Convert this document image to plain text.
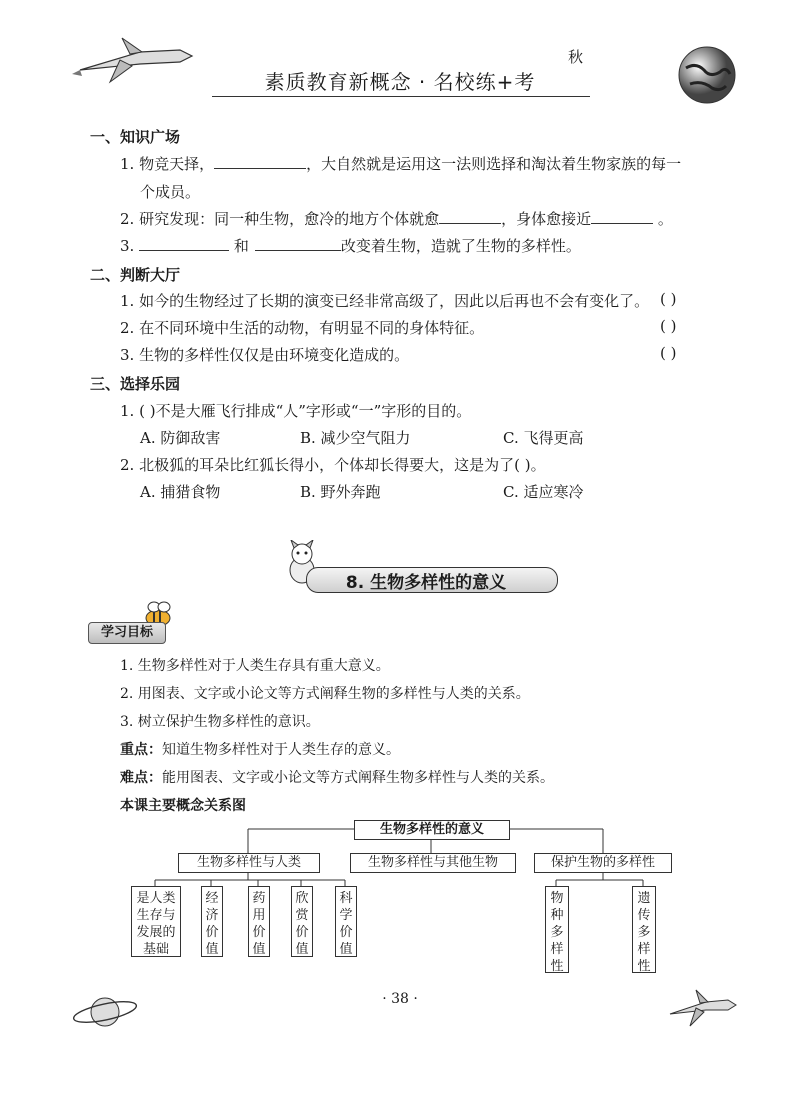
秋
素质教育新概念 · 名校练+考
一、知识广场
1. 物竞天择，	，大自然就是运用这一法则选择和淘汰着生物家族的每一
个成员。
2. 研究发现：同一种生物，愈冷的地方个体就愈	，身体愈接近	。
3.	和	改变着生物，造就了生物的多样性。
二、判断大厅
1. 如今的生物经过了长期的演变已经非常高级了，因此以后再也不会有变化了。 ( )
2. 在不同环境中生活的动物，有明显不同的身体特征。	( )
3. 生物的多样性仅仅是由环境变化造成的。	( )
三、选择乐园
1. ( )不是大雁飞行排成“人”字形或“一”字形的目的。
A. 防御敌害	B. 减少空气阻力	C. 飞得更高
2. 北极狐的耳朵比红狐长得小，个体却长得要大，这是为了( )。
A. 捕猎食物	B. 野外奔跑	C. 适应寒冷
8. 生物多样性的意义
学习目标
1. 生物多样性对于人类生存具有重大意义。
2. 用图表、文字或小论文等方式阐释生物的多样性与人类的关系。
3. 树立保护生物多样性的意识。
重点：知道生物多样性对于人类生存的意义。
难点：能用图表、文字或小论文等方式阐释生物多样性与人类的关系。
本课主要概念关系图
生物多样性的意义
生物多样性与人类	生物多样性与其他生物	保护生物的多样性
是人类生存与发展的基础
经济价值
药用价值
欣赏价值
科学价值
物种多样性
遗传多样性
· 38 ·
